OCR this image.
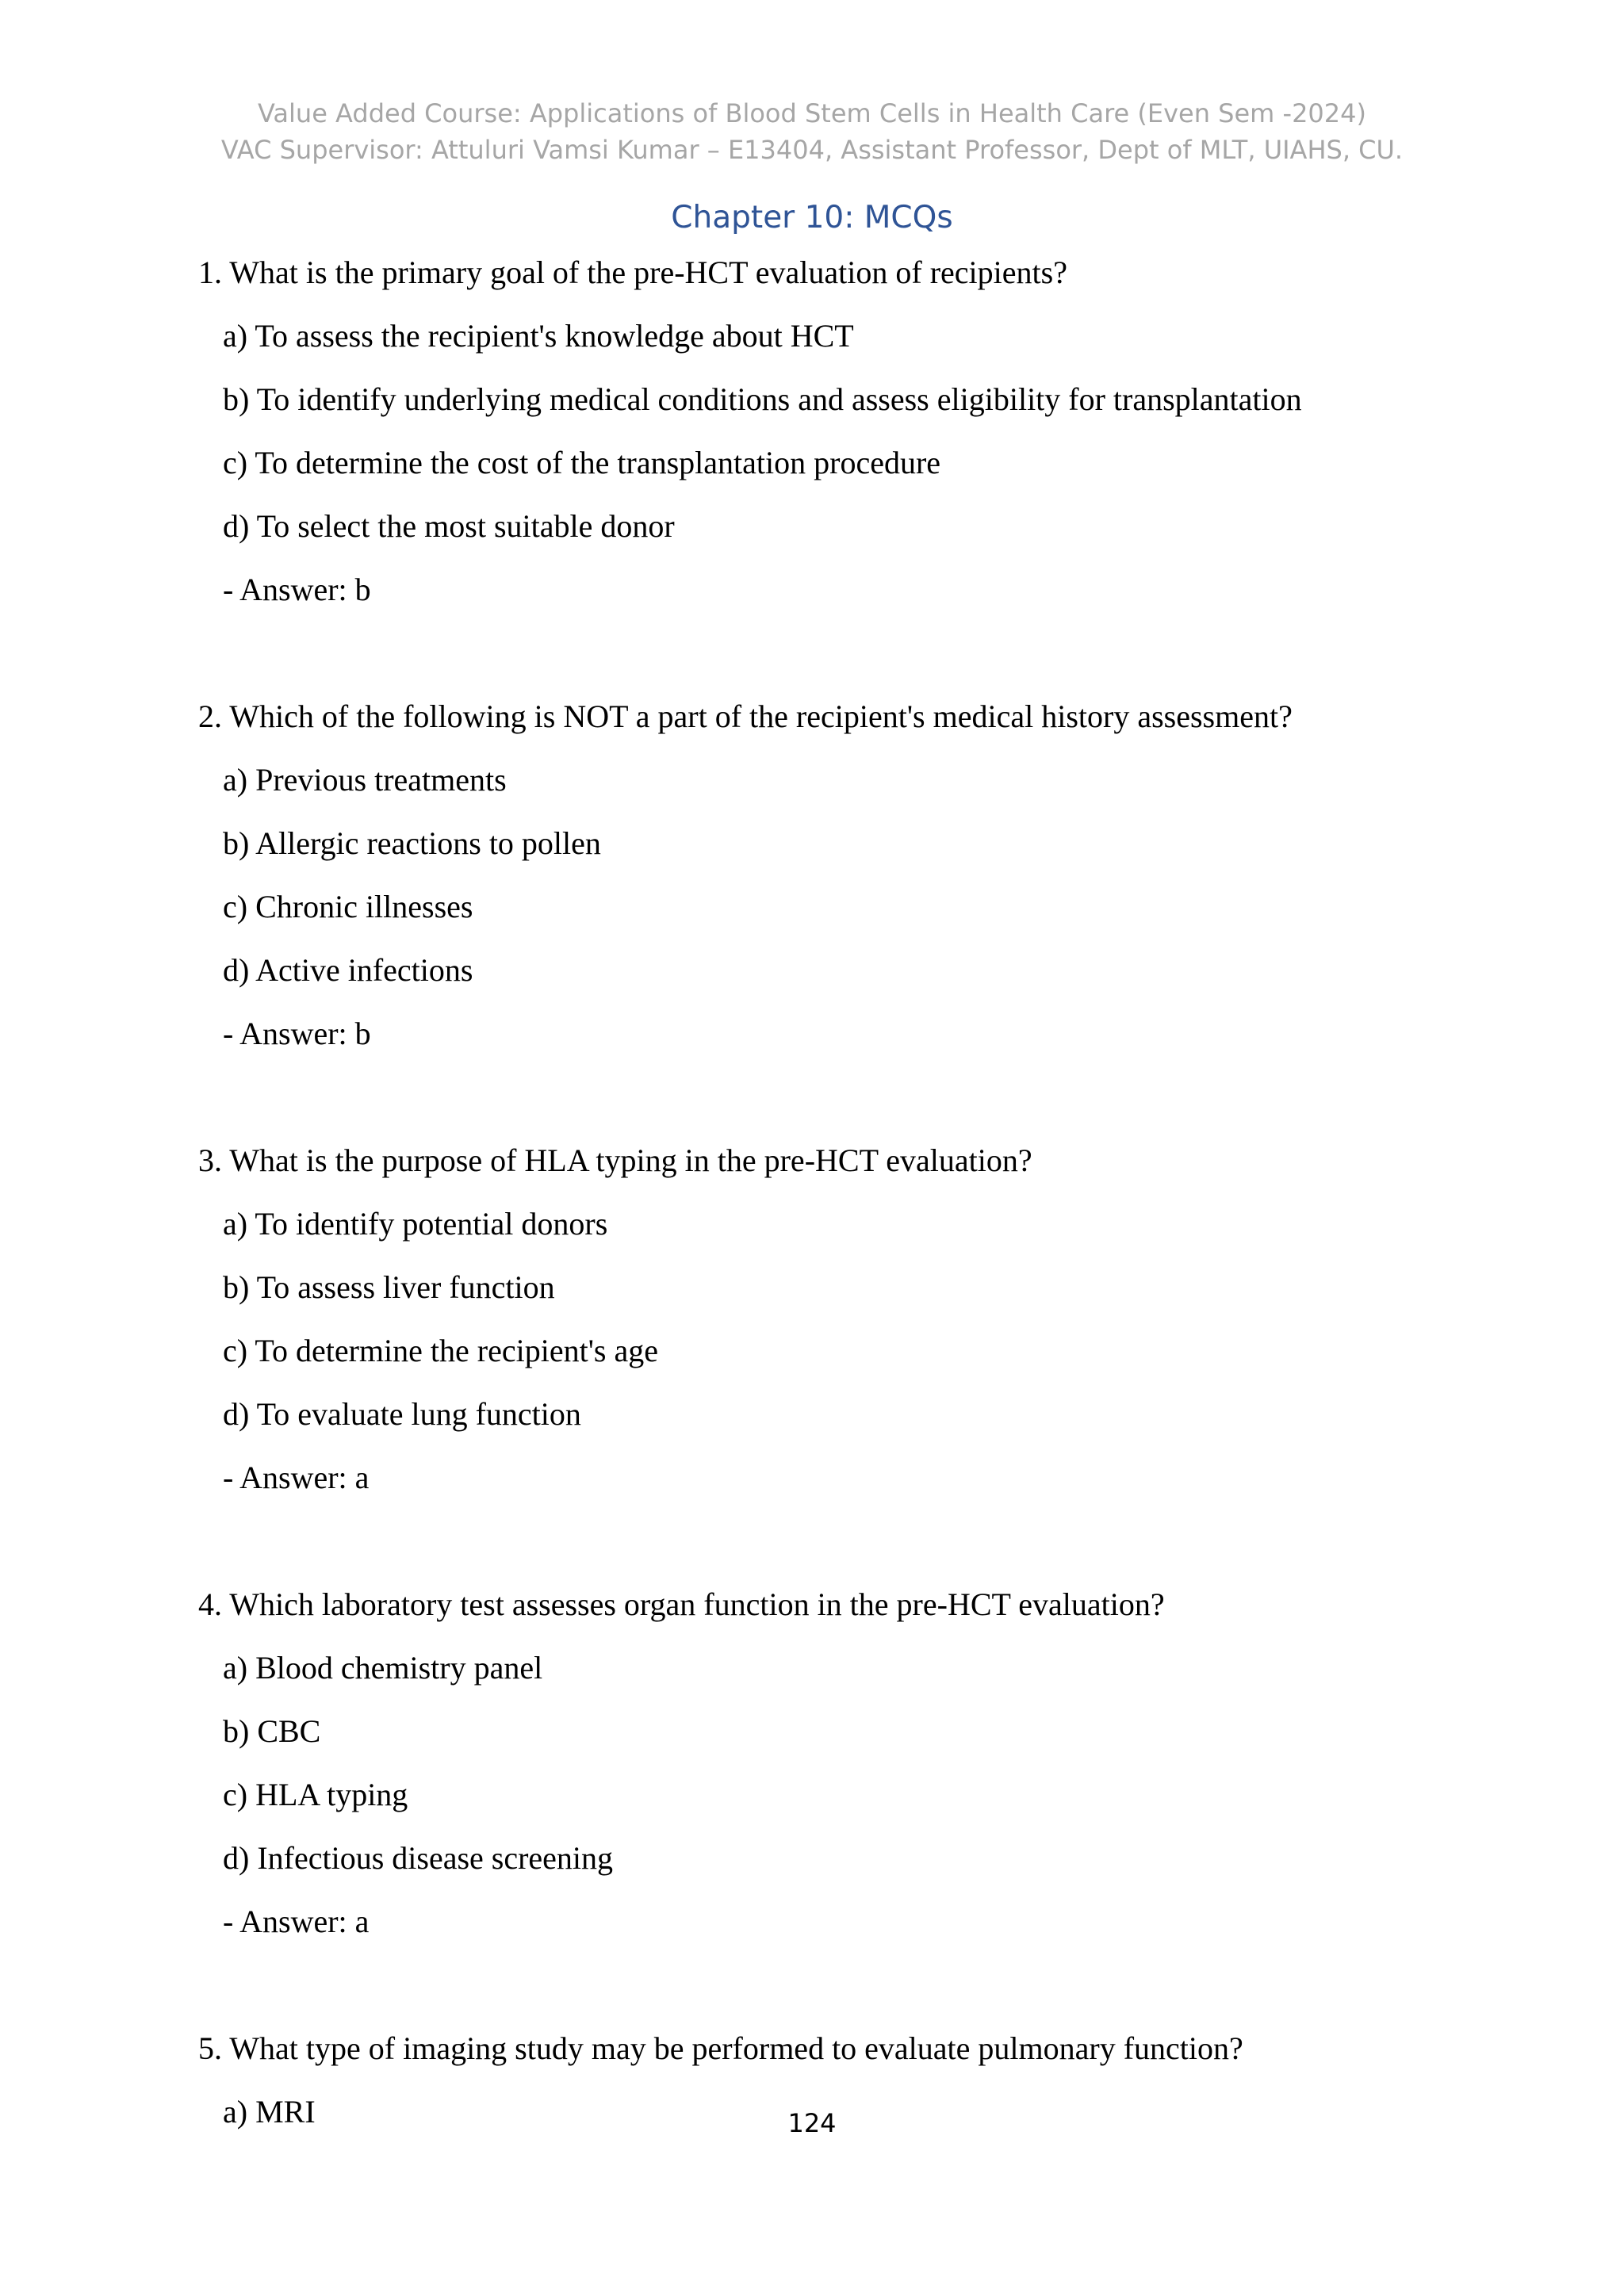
Value Added Course: Applications of Blood Stem Cells in Health Care (Even Sem -2024)
VAC Supervisor: Attuluri Vamsi Kumar – E13404, Assistant Professor, Dept of MLT, UIAHS, CU.
Chapter 10: MCQs
1. What is the primary goal of the pre-HCT evaluation of recipients?
a) To assess the recipient's knowledge about HCT
b) To identify underlying medical conditions and assess eligibility for transplantation
c) To determine the cost of the transplantation procedure
d) To select the most suitable donor
- Answer: b
2. Which of the following is NOT a part of the recipient's medical history assessment?
a) Previous treatments
b) Allergic reactions to pollen
c) Chronic illnesses
d) Active infections
- Answer: b
3. What is the purpose of HLA typing in the pre-HCT evaluation?
a) To identify potential donors
b) To assess liver function
c) To determine the recipient's age
d) To evaluate lung function
- Answer: a
4. Which laboratory test assesses organ function in the pre-HCT evaluation?
a) Blood chemistry panel
b) CBC
c) HLA typing
d) Infectious disease screening
- Answer: a
5. What type of imaging study may be performed to evaluate pulmonary function?
a) MRI	124
